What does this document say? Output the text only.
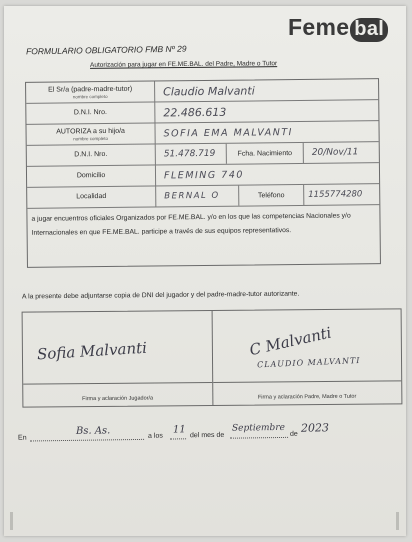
Feme bal
FORMULARIO OBLIGATORIO FMB Nº 29
Autorización para jugar en FE.ME.BAL. del Padre, Madre o Tutor
El Sr/a (padre-madre-tutor)
nombre completo	Claudio Malvanti
D.N.I. Nro.	22.486.613
AUTORIZA a su hijo/a
nombre completo	SOFIA EMA MALVANTI
D.N.I. Nro.	51.478.719	Fcha. Nacimiento	20/Nov/11
Domicilio	FLEMING 740
Localidad	BERNAL O	Teléfono	1155774280
a jugar encuentros oficiales Organizados por FE.ME.BAL. y/o en los que las competencias Nacionales y/o Internacionales en que FE.ME.BAL. participe a través de sus equipos representativos.
A la presente debe adjuntarse copia de DNI del jugador y del padre-madre-tutor autorizante.
Sofia Malvanti
Firma y aclaración Jugador/a
C Malvanti
CLAUDIO MALVANTI
Firma y aclaración Padre, Madre o Tutor
En
Bs. As.	a los
11
del mes de
Septiembre
de 2023
